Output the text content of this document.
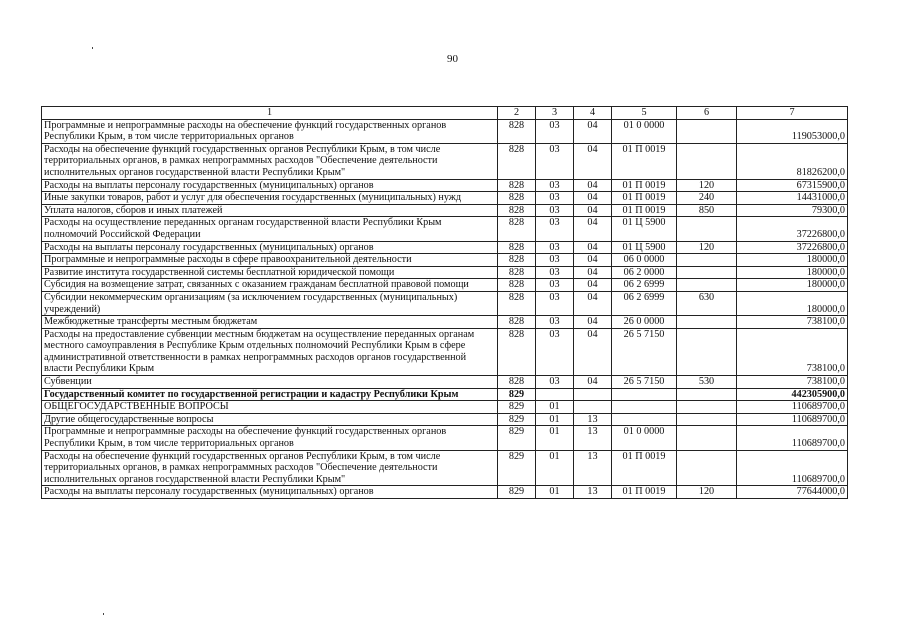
90
1	2	3	4	5	6	7
Программные и непрограммные расходы на обеспечение функций государственных органов Республики Крым, в том числе территориальных органов	828	03	04	01 0 0000		119053000,0
Расходы на обеспечение функций государственных органов Республики Крым, в том числе территориальных органов, в рамках непрограммных расходов "Обеспечение деятельности исполнительных органов государственной власти Республики Крым"	828	03	04	01 П 0019		81826200,0
Расходы на выплаты персоналу государственных (муниципальных) органов	828	03	04	01 П 0019	120	67315900,0
Иные закупки товаров, работ и услуг для обеспечения государственных (муниципальных) нужд	828	03	04	01 П 0019	240	14431000,0
Уплата налогов, сборов и иных платежей	828	03	04	01 П 0019	850	79300,0
Расходы на осуществление переданных органам государственной власти Республики Крым полномочий Российской Федерации	828	03	04	01 Ц 5900		37226800,0
Расходы на выплаты персоналу государственных (муниципальных) органов	828	03	04	01 Ц 5900	120	37226800,0
Программные и непрограммные расходы в сфере правоохранительной деятельности	828	03	04	06 0 0000		180000,0
Развитие института государственной системы бесплатной юридической помощи	828	03	04	06 2 0000		180000,0
Субсидия на возмещение затрат, связанных с оказанием гражданам бесплатной правовой помощи	828	03	04	06 2 6999		180000,0
Субсидии некоммерческим организациям (за исключением государственных (муниципальных) учреждений)	828	03	04	06 2 6999	630	180000,0
Межбюджетные трансферты местным бюджетам	828	03	04	26 0 0000		738100,0
Расходы на предоставление субвенции местным бюджетам на осуществление переданных органам местного самоуправления в Республике Крым отдельных полномочий Республики Крым в сфере административной ответственности в рамках непрограммных расходов органов государственной власти Республики Крым	828	03	04	26 5 7150		738100,0
Субвенции	828	03	04	26 5 7150	530	738100,0
Государственный комитет по государственной регистрации и кадастру Республики Крым	829					442305900,0
ОБЩЕГОСУДАРСТВЕННЫЕ ВОПРОСЫ	829	01				110689700,0
Другие общегосударственные вопросы	829	01	13			110689700,0
Программные и непрограммные расходы на обеспечение функций государственных органов Республики Крым, в том числе территориальных органов	829	01	13	01 0 0000		110689700,0
Расходы на обеспечение функций государственных органов Республики Крым, в том числе территориальных органов, в рамках непрограммных расходов "Обеспечение деятельности исполнительных органов государственной власти Республики Крым"	829	01	13	01 П 0019		110689700,0
Расходы на выплаты персоналу государственных (муниципальных) органов	829	01	13	01 П 0019	120	77644000,0
